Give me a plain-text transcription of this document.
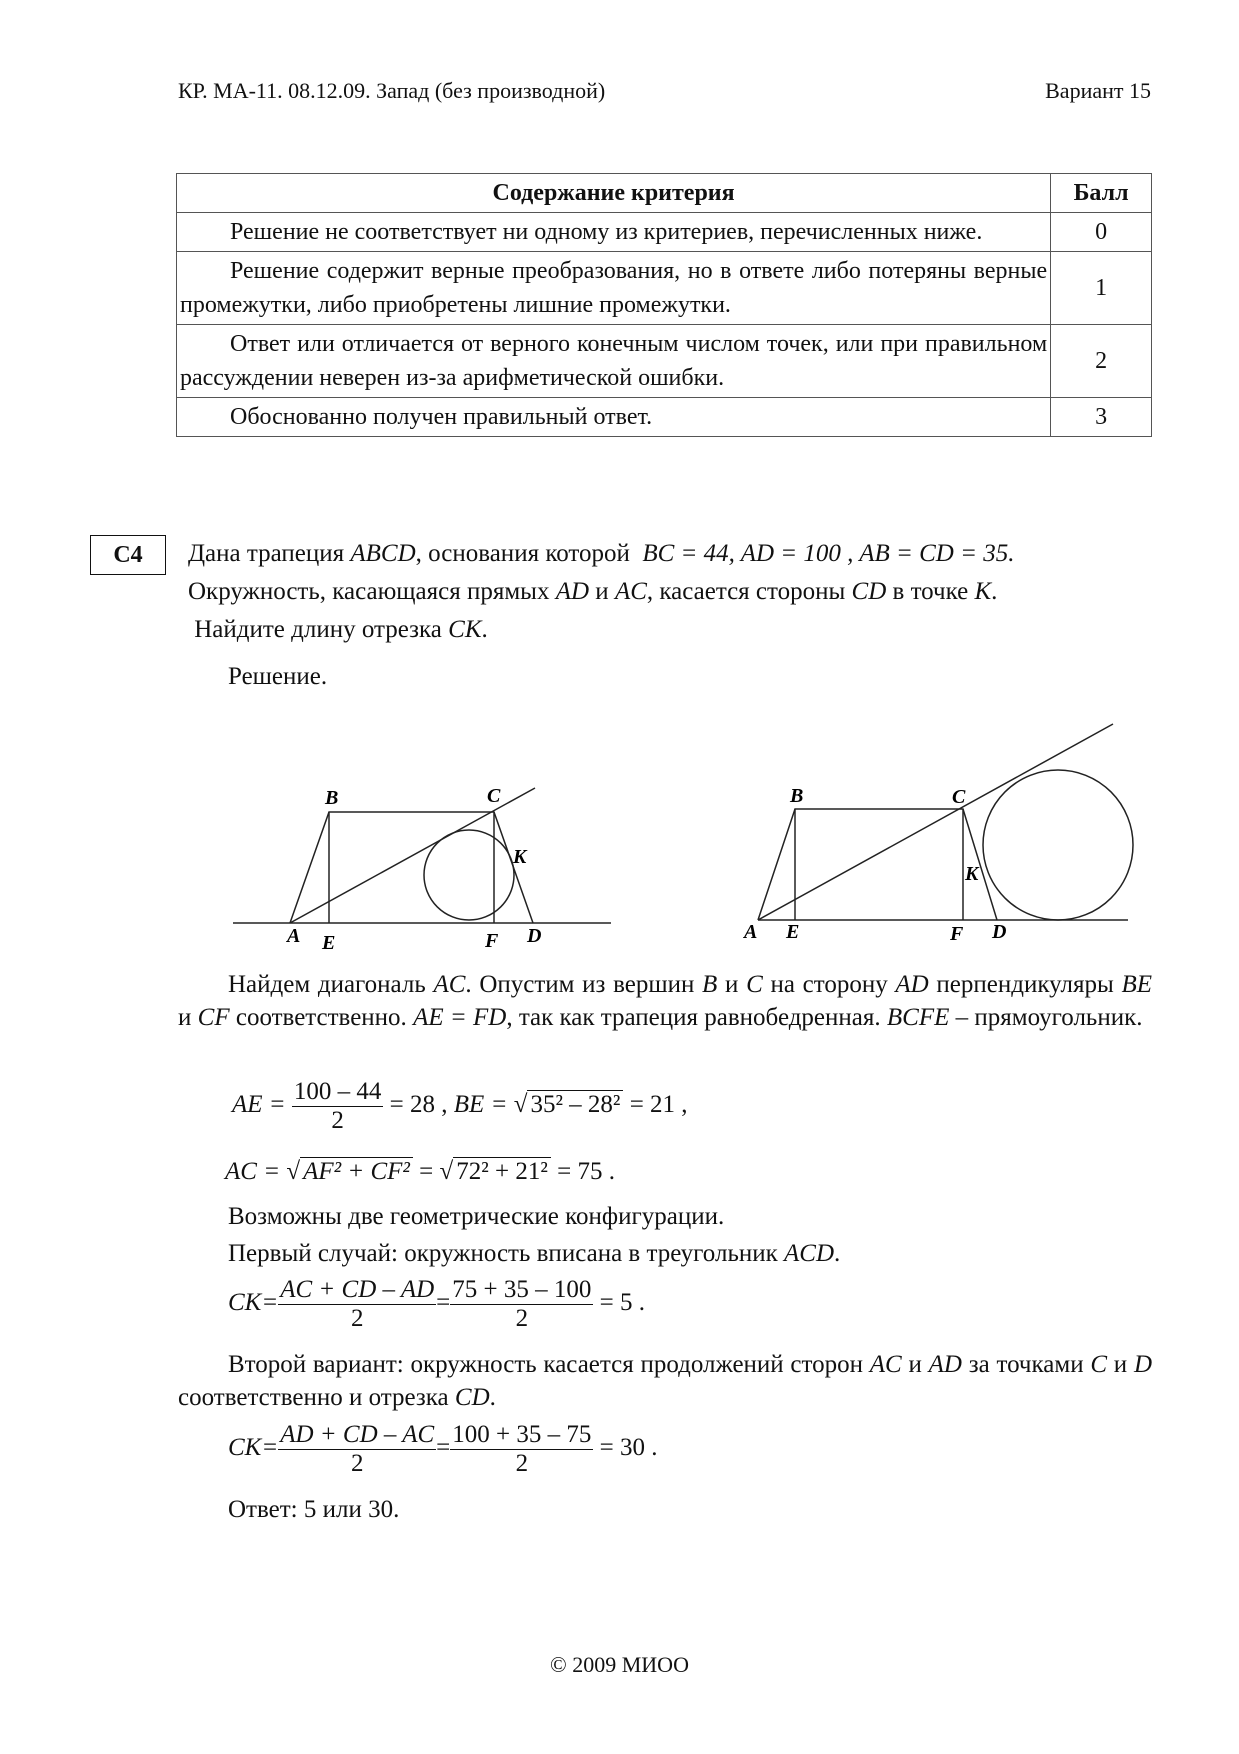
КР. МА-11. 08.12.09. Запад (без производной)	Вариант 15
Содержание критерия	Балл
Решение не соответствует ни одному из критериев, перечисленных ниже.	0
Решение содержит верные преобразования, но в ответе либо потеряны верные промежутки, либо приобретены лишние промежутки.	1
Ответ или отличается от верного конечным числом точек, или при правильном рассуждении неверен из-за арифметической ошибки.	2
Обоснованно получен правильный ответ.	3
C4	Дана трапеция ABCD, основания которой BC = 44, AD = 100 , AB = CD = 35.
Окружность, касающаяся прямых AD и AC, касается стороны CD в точке K.
Найдите длину отрезка CK.

Решение.

B	C
K
A E	F D
B	C
K
A E	F D

Найдем диагональ AC. Опустим из вершин B и C на сторону AD перпендикуляры BE и CF соответственно. AE = FD, так как трапеция равнобедренная. BCFE – прямоугольник.

AE = $\frac{100 - 44}{2} = 28$ , BE = √ 35² – 28² = 21 ,
AC = √ AF² + CF² = √ 72² + 21² = 75 .

Возможны две геометрические конфигурации.

Первый случай: окружность вписана в треугольник ACD.

$CK= \frac{AC + CD - AD}{2} = \frac{75 + 35 - 100}{2} = 5$ .

Второй вариант: окружность касается продолжений сторон AC и AD за точками C и D соответственно и отрезка CD.

$CK= \frac{AD + CD - AC}{2} = \frac{100 + 35 - 75}{2} = 30$ .

Ответ: 5 или 30.

© 2009 МИОО
